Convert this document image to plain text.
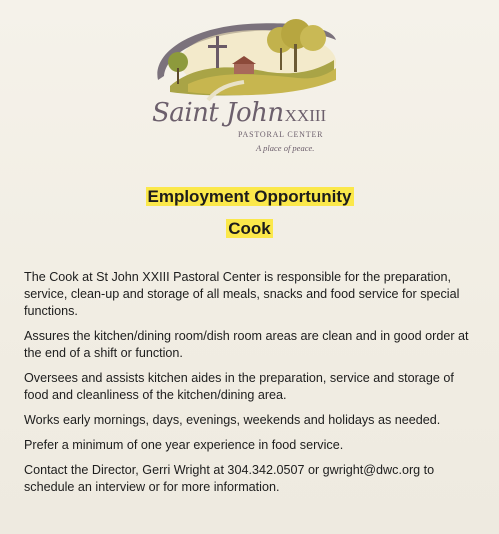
Saint JohnXXIII
PASTORAL CENTER
A place of peace.
Employment Opportunity
Cook

The Cook at St John XXIII Pastoral Center is responsible for the preparation, service, clean-up and storage of all meals, snacks and food service for special functions.

Assures the kitchen/dining room/dish room areas are clean and in good order at the end of a shift or function.

Oversees and assists kitchen aides in the preparation, service and storage of food and cleanliness of the kitchen/dining area.

Works early mornings, days, evenings, weekends and holidays as needed.

Prefer a minimum of one year experience in food service.

Contact the Director, Gerri Wright at 304.342.0507 or gwright@dwc.org to schedule an interview or for more information.
